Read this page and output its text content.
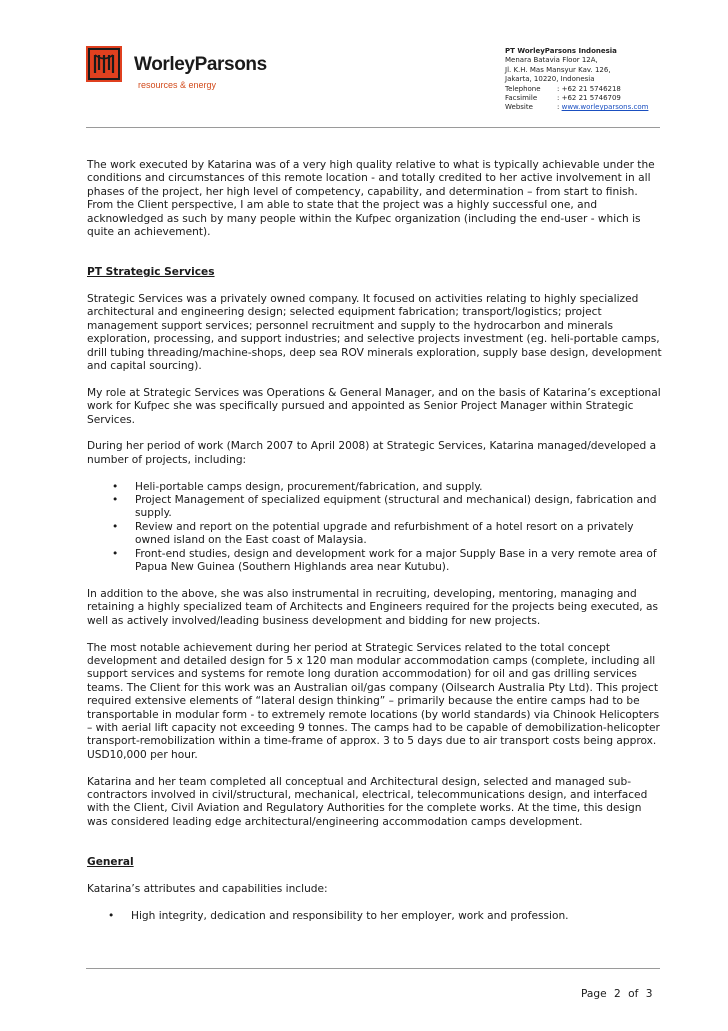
WorleyParsons
resources & energy
PT WorleyParsons Indonesia
Menara Batavia Floor 12A,
Jl. K.H. Mas Mansyur Kav. 126,
Jakarta, 10220, Indonesia
Telephone : +62 21 5746218
Facsimile	: +62 21 5746709
Website	: www.worleyparsons.com

The work executed by Katarina was of a very high quality relative to what is typically achievable under the conditions and circumstances of this remote location - and totally credited to her active involvement in all phases of the project, her high level of competency, capability, and determination – from start to finish. From the Client perspective, I am able to state that the project was a highly successful one, and acknowledged as such by many people within the Kufpec organization (including the end-user - which is quite an achievement).

PT Strategic Services

Strategic Services was a privately owned company. It focused on activities relating to highly specialized architectural and engineering design; selected equipment fabrication; transport/logistics; project management support services; personnel recruitment and supply to the hydrocarbon and minerals exploration, processing, and support industries; and selective projects investment (eg. heli-portable camps, drill tubing threading/machine-shops, deep sea ROV minerals exploration, supply base design, development and capital sourcing).

My role at Strategic Services was Operations & General Manager, and on the basis of Katarina’s exceptional work for Kufpec she was specifically pursued and appointed as Senior Project Manager within Strategic Services.

During her period of work (March 2007 to April 2008) at Strategic Services, Katarina managed/developed a number of projects, including:

• Heli-portable camps design, procurement/fabrication, and supply.
• Project Management of specialized equipment (structural and mechanical) design, fabrication and supply.
• Review and report on the potential upgrade and refurbishment of a hotel resort on a privately owned island on the East coast of Malaysia.
• Front-end studies, design and development work for a major Supply Base in a very remote area of Papua New Guinea (Southern Highlands area near Kutubu).

In addition to the above, she was also instrumental in recruiting, developing, mentoring, managing and retaining a highly specialized team of Architects and Engineers required for the projects being executed, as well as actively involved/leading business development and bidding for new projects.

The most notable achievement during her period at Strategic Services related to the total concept development and detailed design for 5 x 120 man modular accommodation camps (complete, including all support services and systems for remote long duration accommodation) for oil and gas drilling services teams. The Client for this work was an Australian oil/gas company (Oilsearch Australia Pty Ltd). This project required extensive elements of “lateral design thinking” – primarily because the entire camps had to be transportable in modular form - to extremely remote locations (by world standards) via Chinook Helicopters – with aerial lift capacity not exceeding 9 tonnes. The camps had to be capable of demobilization-helicopter transport-remobilization within a time-frame of approx. 3 to 5 days due to air transport costs being approx. USD10,000 per hour.

Katarina and her team completed all conceptual and Architectural design, selected and managed sub-contractors involved in civil/structural, mechanical, electrical, telecommunications design, and interfaced with the Client, Civil Aviation and Regulatory Authorities for the complete works. At the time, this design was considered leading edge architectural/engineering accommodation camps development.

General

Katarina’s attributes and capabilities include:

• High integrity, dedication and responsibility to her employer, work and profession.
Page 2 of 3
